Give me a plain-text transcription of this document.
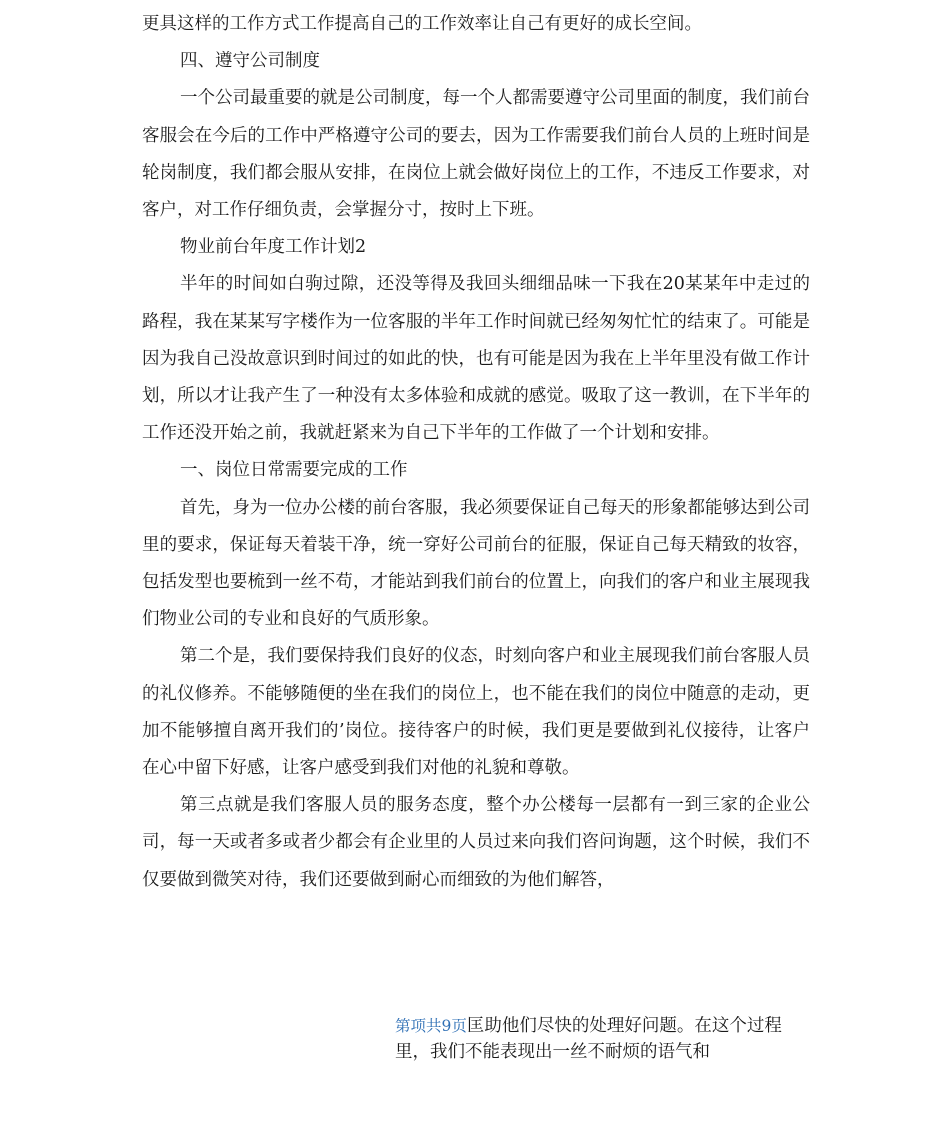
更具这样的工作方式工作提高自己的工作效率让自己有更好的成长空间。

四、遵守公司制度

一个公司最重要的就是公司制度，每一个人都需要遵守公司里面的制度，我们前台客服会在今后的工作中严格遵守公司的要去，因为工作需要我们前台人员的上班时间是轮岗制度，我们都会服从安排，在岗位上就会做好岗位上的工作，不违反工作要求，对客户，对工作仔细负责，会掌握分寸，按时上下班。

物业前台年度工作计划2

半年的时间如白驹过隙，还没等得及我回头细细品味一下我在20某某年中走过的路程，我在某某写字楼作为一位客服的半年工作时间就已经匆匆忙忙的结束了。可能是因为我自己没故意识到时间过的如此的快，也有可能是因为我在上半年里没有做工作计划，所以才让我产生了一种没有太多体验和成就的感觉。吸取了这一教训，在下半年的工作还没开始之前，我就赶紧来为自己下半年的工作做了一个计划和安排。

一、岗位日常需要完成的工作

首先，身为一位办公楼的前台客服，我必须要保证自己每天的形象都能够达到公司里的要求，保证每天着装干净，统一穿好公司前台的征服，保证自己每天精致的妆容，包括发型也要梳到一丝不苟，才能站到我们前台的位置上，向我们的客户和业主展现我们物业公司的专业和良好的气质形象。

第二个是，我们要保持我们良好的仪态，时刻向客户和业主展现我们前台客服人员的礼仪修养。不能够随便的坐在我们的岗位上，也不能在我们的岗位中随意的走动，更加不能够擅自离开我们的’岗位。接待客户的时候，我们更是要做到礼仪接待，让客户在心中留下好感，让客户感受到我们对他的礼貌和尊敬。

第三点就是我们客服人员的服务态度，整个办公楼每一层都有一到三家的企业公司，每一天或者多或者少都会有企业里的人员过来向我们咨问询题，这个时候，我们不仅要做到微笑对待，我们还要做到耐心而细致的为他们解答，

第项共9页匡助他们尽快的处理好问题。在这个过程里，我们不能表现出一丝不耐烦的语气和
